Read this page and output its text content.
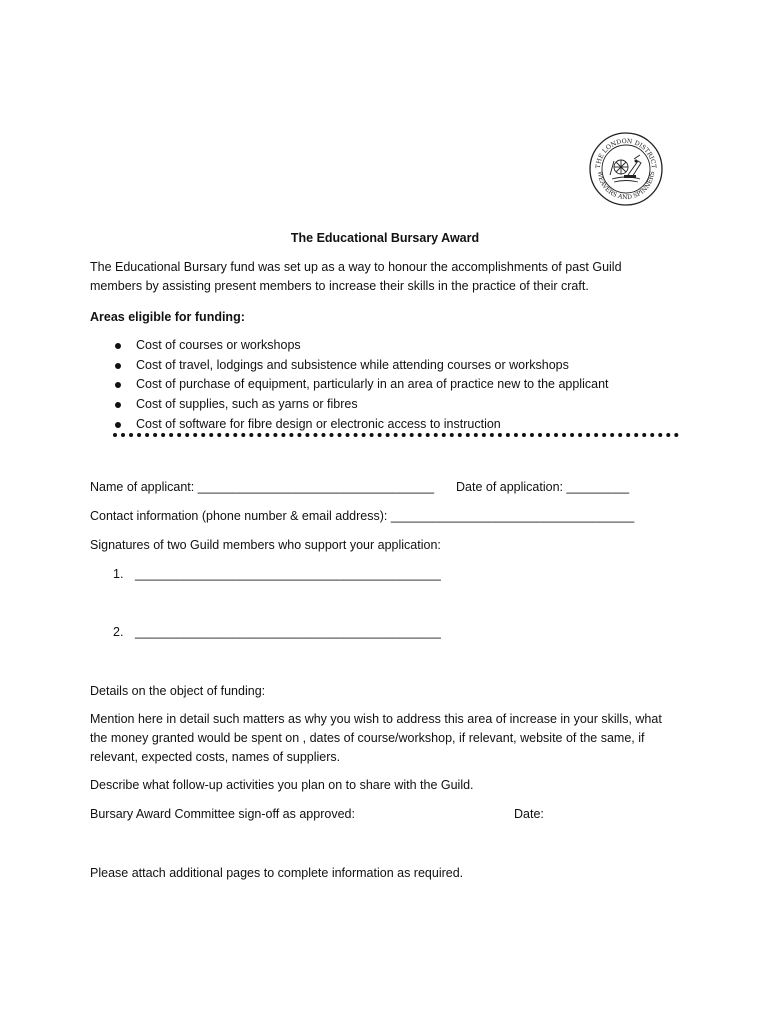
THE LONDON DISTRICT
WEAVERS AND SPINNERS
The Educational Bursary Award

The Educational Bursary fund was set up as a way to honour the accomplishments of past Guild
members by assisting present members to increase their skills in the practice of their craft.

Areas eligible for funding:
Cost of courses or workshops
Cost of travel, lodgings and subsistence while attending courses or workshops
Cost of purchase of equipment, particularly in an area of practice new to the applicant
Cost of supplies, such as yarns or fibres
Cost of software for fibre design or electronic access to instruction
Name of applicant: __________________________________ Date of application: _________
Contact information (phone number & email address): ___________________________________
Signatures of two Guild members who support your application:
1. ____________________________________________
2. ____________________________________________
Details on the object of funding:

Mention here in detail such matters as why you wish to address this area of increase in your skills, what
the money granted would be spent on , dates of course/workshop, if relevant, website of the same, if
relevant, expected costs, names of suppliers.

Describe what follow-up activities you plan on to share with the Guild.
Bursary Award Committee sign-off as approved:	Date:
Please attach additional pages to complete information as required.
